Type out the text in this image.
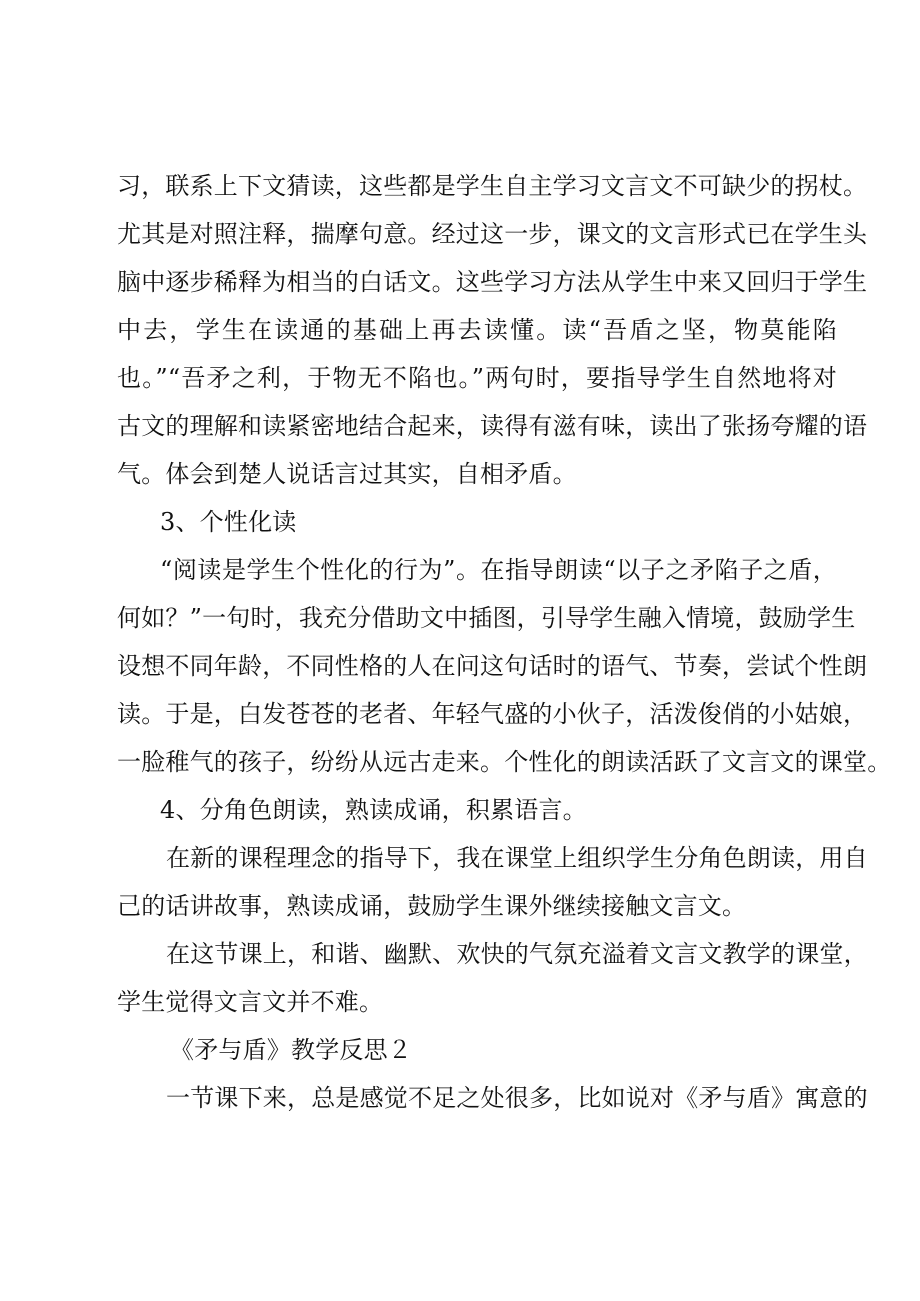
习，联系上下文猜读，这些都是学生自主学习文言文不可缺少的拐杖。
尤其是对照注释，揣摩句意。经过这一步，课文的文言形式已在学生头
脑中逐步稀释为相当的白话文。这些学习方法从学生中来又回归于学生
中去，学生在读通的基础上再去读懂。读“吾盾之坚，物莫能陷
也。”“吾矛之利，于物无不陷也。”两句时，要指导学生自然地将对
古文的理解和读紧密地结合起来，读得有滋有味，读出了张扬夸耀的语
气。体会到楚人说话言过其实，自相矛盾。
3、个性化读
“阅读是学生个性化的行为”。在指导朗读“以子之矛陷子之盾，
何如？”一句时，我充分借助文中插图，引导学生融入情境，鼓励学生
设想不同年龄，不同性格的人在问这句话时的语气、节奏，尝试个性朗
读。于是，白发苍苍的老者、年轻气盛的小伙子，活泼俊俏的小姑娘，
一脸稚气的孩子，纷纷从远古走来。个性化的朗读活跃了文言文的课堂。
4、分角色朗读，熟读成诵，积累语言。
在新的课程理念的指导下，我在课堂上组织学生分角色朗读，用自
己的话讲故事，熟读成诵，鼓励学生课外继续接触文言文。
在这节课上，和谐、幽默、欢快的气氛充溢着文言文教学的课堂，
学生觉得文言文并不难。
《矛与盾》教学反思２
一节课下来，总是感觉不足之处很多，比如说对《矛与盾》寓意的
